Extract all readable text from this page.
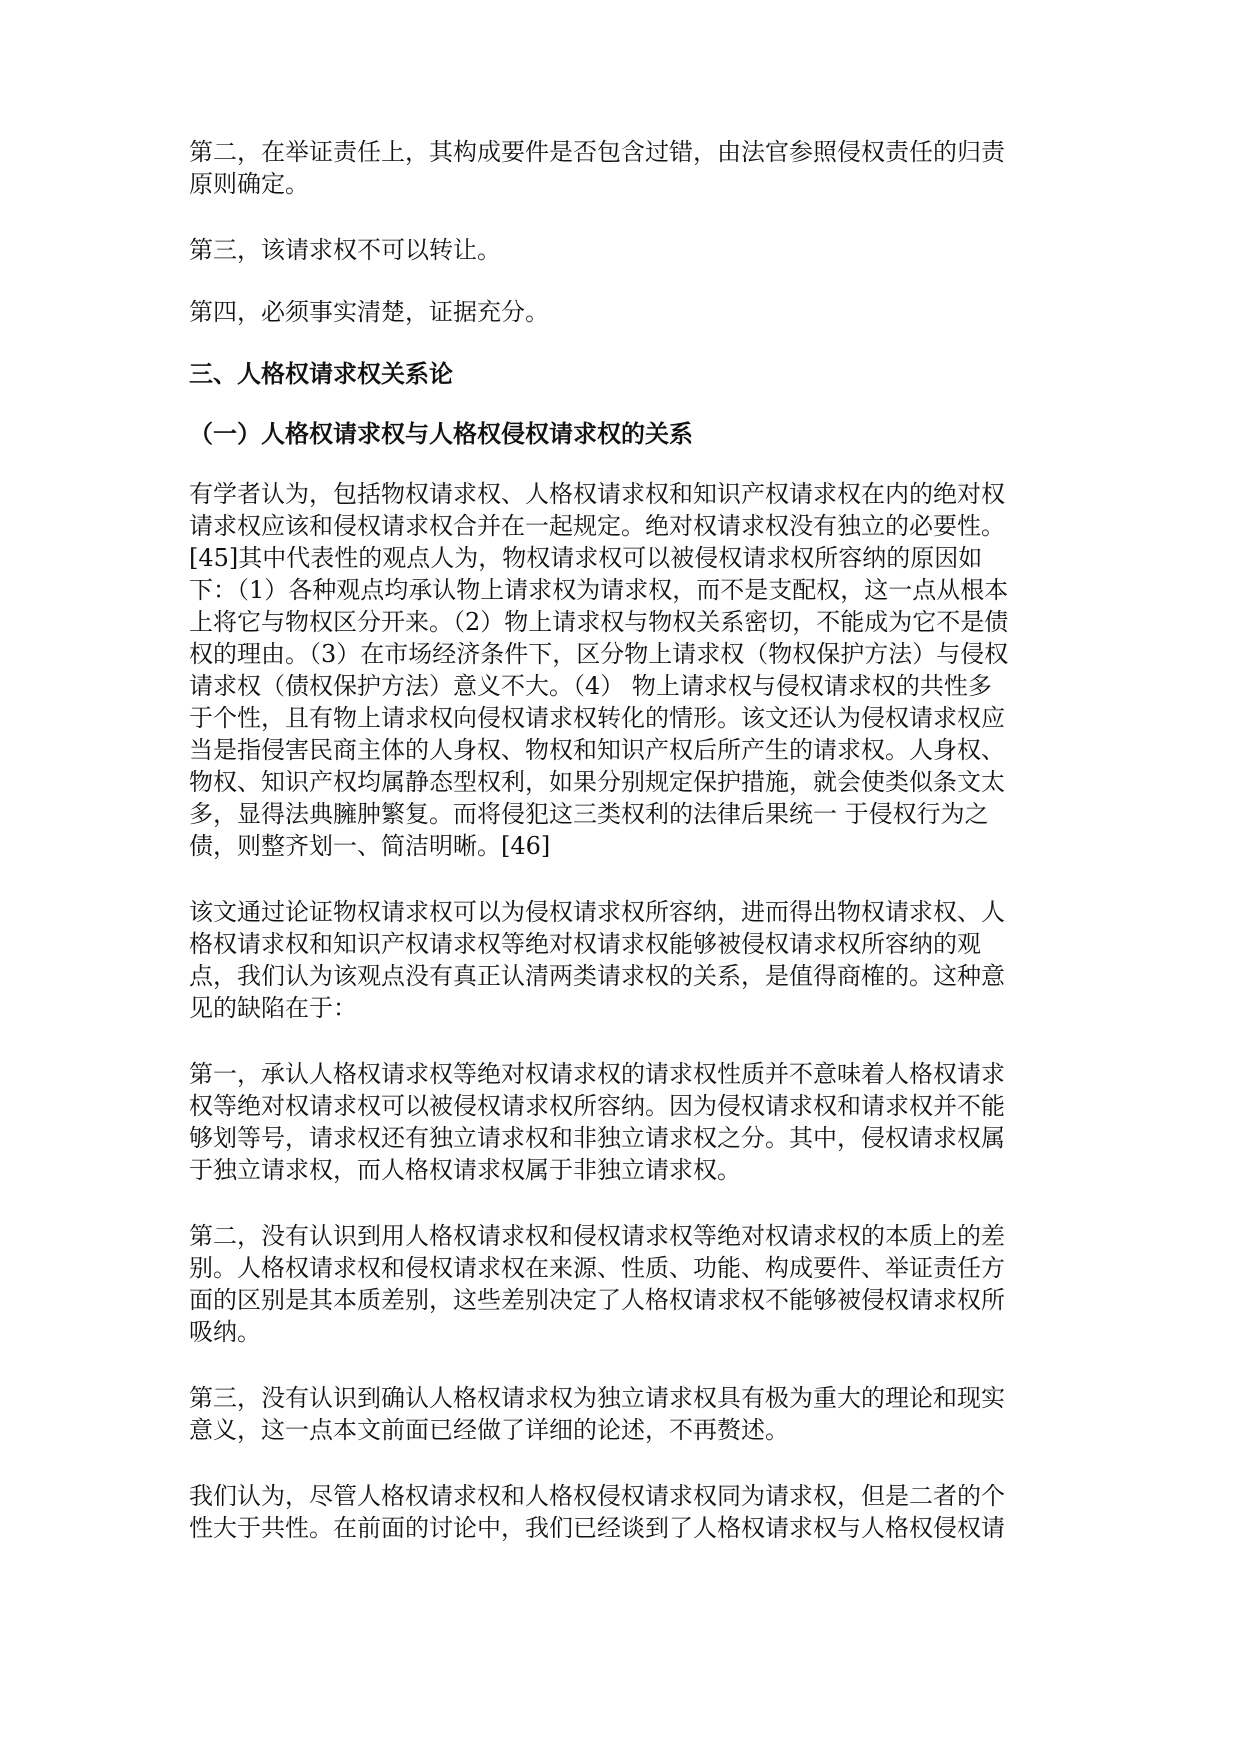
第二，在举证责任上，其构成要件是否包含过错，由法官参照侵权责任的归责
原则确定。

第三，该请求权不可以转让。

第四，必须事实清楚，证据充分。

三、人格权请求权关系论
（一）人格权请求权与人格权侵权请求权的关系

有学者认为，包括物权请求权、人格权请求权和知识产权请求权在内的绝对权
请求权应该和侵权请求权合并在一起规定。绝对权请求权没有独立的必要性。
[45]其中代表性的观点人为，物权请求权可以被侵权请求权所容纳的原因如
下：（1）各种观点均承认物上请求权为请求权，而不是支配权，这一点从根本
上将它与物权区分开来。（2）物上请求权与物权关系密切，不能成为它不是债
权的理由。（3）在市场经济条件下，区分物上请求权（物权保护方法）与侵权
请求权（债权保护方法）意义不大。（4） 物上请求权与侵权请求权的共性多
于个性，且有物上请求权向侵权请求权转化的情形。该文还认为侵权请求权应
当是指侵害民商主体的人身权、物权和知识产权后所产生的请求权。人身权、
物权、知识产权均属静态型权利，如果分别规定保护措施，就会使类似条文太
多，显得法典臃肿繁复。而将侵犯这三类权利的法律后果统一 于侵权行为之
债，则整齐划一、简洁明晰。[46]

该文通过论证物权请求权可以为侵权请求权所容纳，进而得出物权请求权、人
格权请求权和知识产权请求权等绝对权请求权能够被侵权请求权所容纳的观
点，我们认为该观点没有真正认清两类请求权的关系，是值得商榷的。这种意
见的缺陷在于：

第一，承认人格权请求权等绝对权请求权的请求权性质并不意味着人格权请求
权等绝对权请求权可以被侵权请求权所容纳。因为侵权请求权和请求权并不能
够划等号，请求权还有独立请求权和非独立请求权之分。其中，侵权请求权属
于独立请求权，而人格权请求权属于非独立请求权。

第二，没有认识到用人格权请求权和侵权请求权等绝对权请求权的本质上的差
别。人格权请求权和侵权请求权在来源、性质、功能、构成要件、举证责任方
面的区别是其本质差别，这些差别决定了人格权请求权不能够被侵权请求权所
吸纳。

第三，没有认识到确认人格权请求权为独立请求权具有极为重大的理论和现实
意义，这一点本文前面已经做了详细的论述，不再赘述。

我们认为，尽管人格权请求权和人格权侵权请求权同为请求权，但是二者的个
性大于共性。在前面的讨论中，我们已经谈到了人格权请求权与人格权侵权请
